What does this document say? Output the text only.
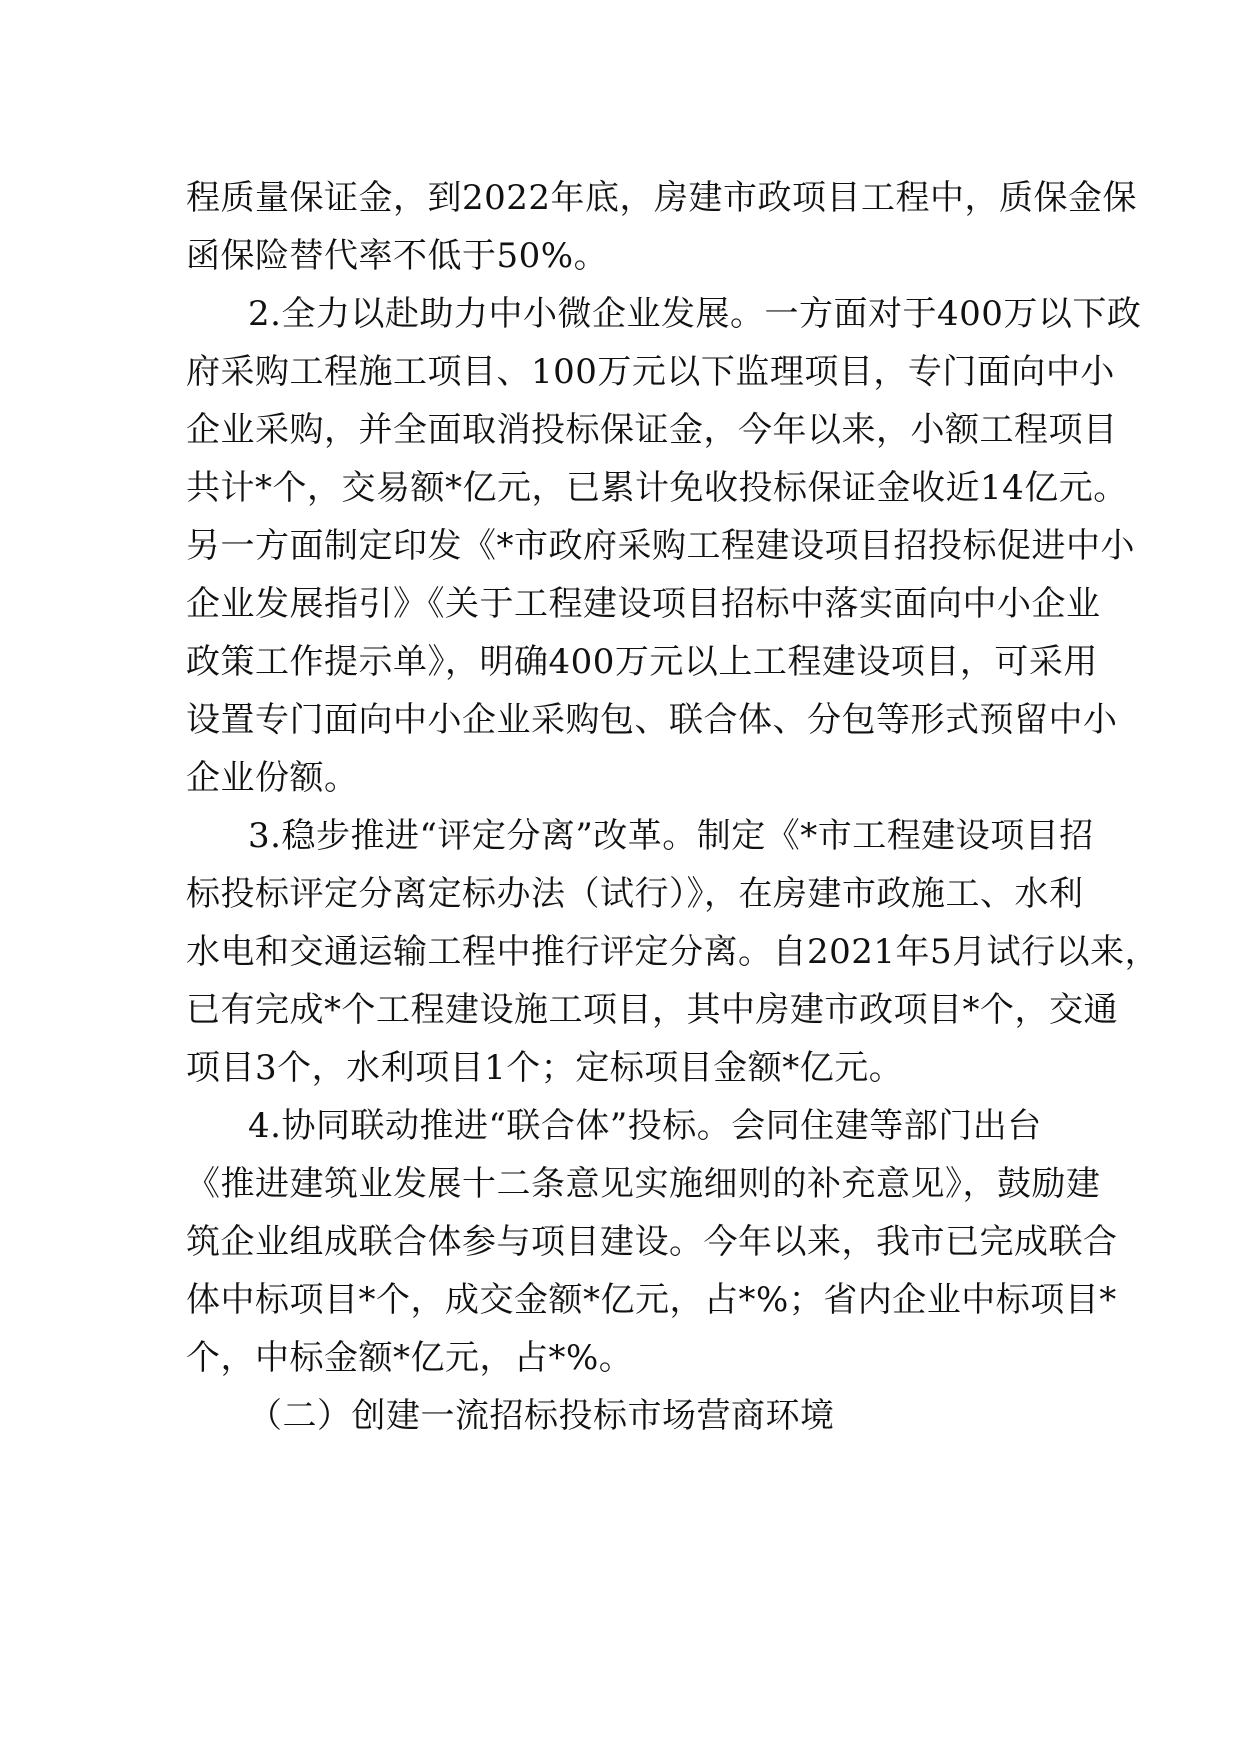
程质量保证金，到2022年底，房建市政项目工程中，质保金保
函保险替代率不低于50%。
2.全力以赴助力中小微企业发展。一方面对于400万以下政
府采购工程施工项目、100万元以下监理项目，专门面向中小
企业采购，并全面取消投标保证金，今年以来，小额工程项目
共计*个，交易额*亿元，已累计免收投标保证金收近14亿元。
另一方面制定印发《*市政府采购工程建设项目招投标促进中小
企业发展指引》《关于工程建设项目招标中落实面向中小企业
政策工作提示单》，明确400万元以上工程建设项目，可采用
设置专门面向中小企业采购包、联合体、分包等形式预留中小
企业份额。
3.稳步推进“评定分离”改革。制定《*市工程建设项目招
标投标评定分离定标办法（试行）》，在房建市政施工、水利
水电和交通运输工程中推行评定分离。自2021年5月试行以来，
已有完成*个工程建设施工项目，其中房建市政项目*个，交通
项目3个，水利项目1个；定标项目金额*亿元。
4.协同联动推进“联合体”投标。会同住建等部门出台
《推进建筑业发展十二条意见实施细则的补充意见》，鼓励建
筑企业组成联合体参与项目建设。今年以来，我市已完成联合
体中标项目*个，成交金额*亿元，占*%；省内企业中标项目*
个，中标金额*亿元，占*%。
（二）创建一流招标投标市场营商环境
